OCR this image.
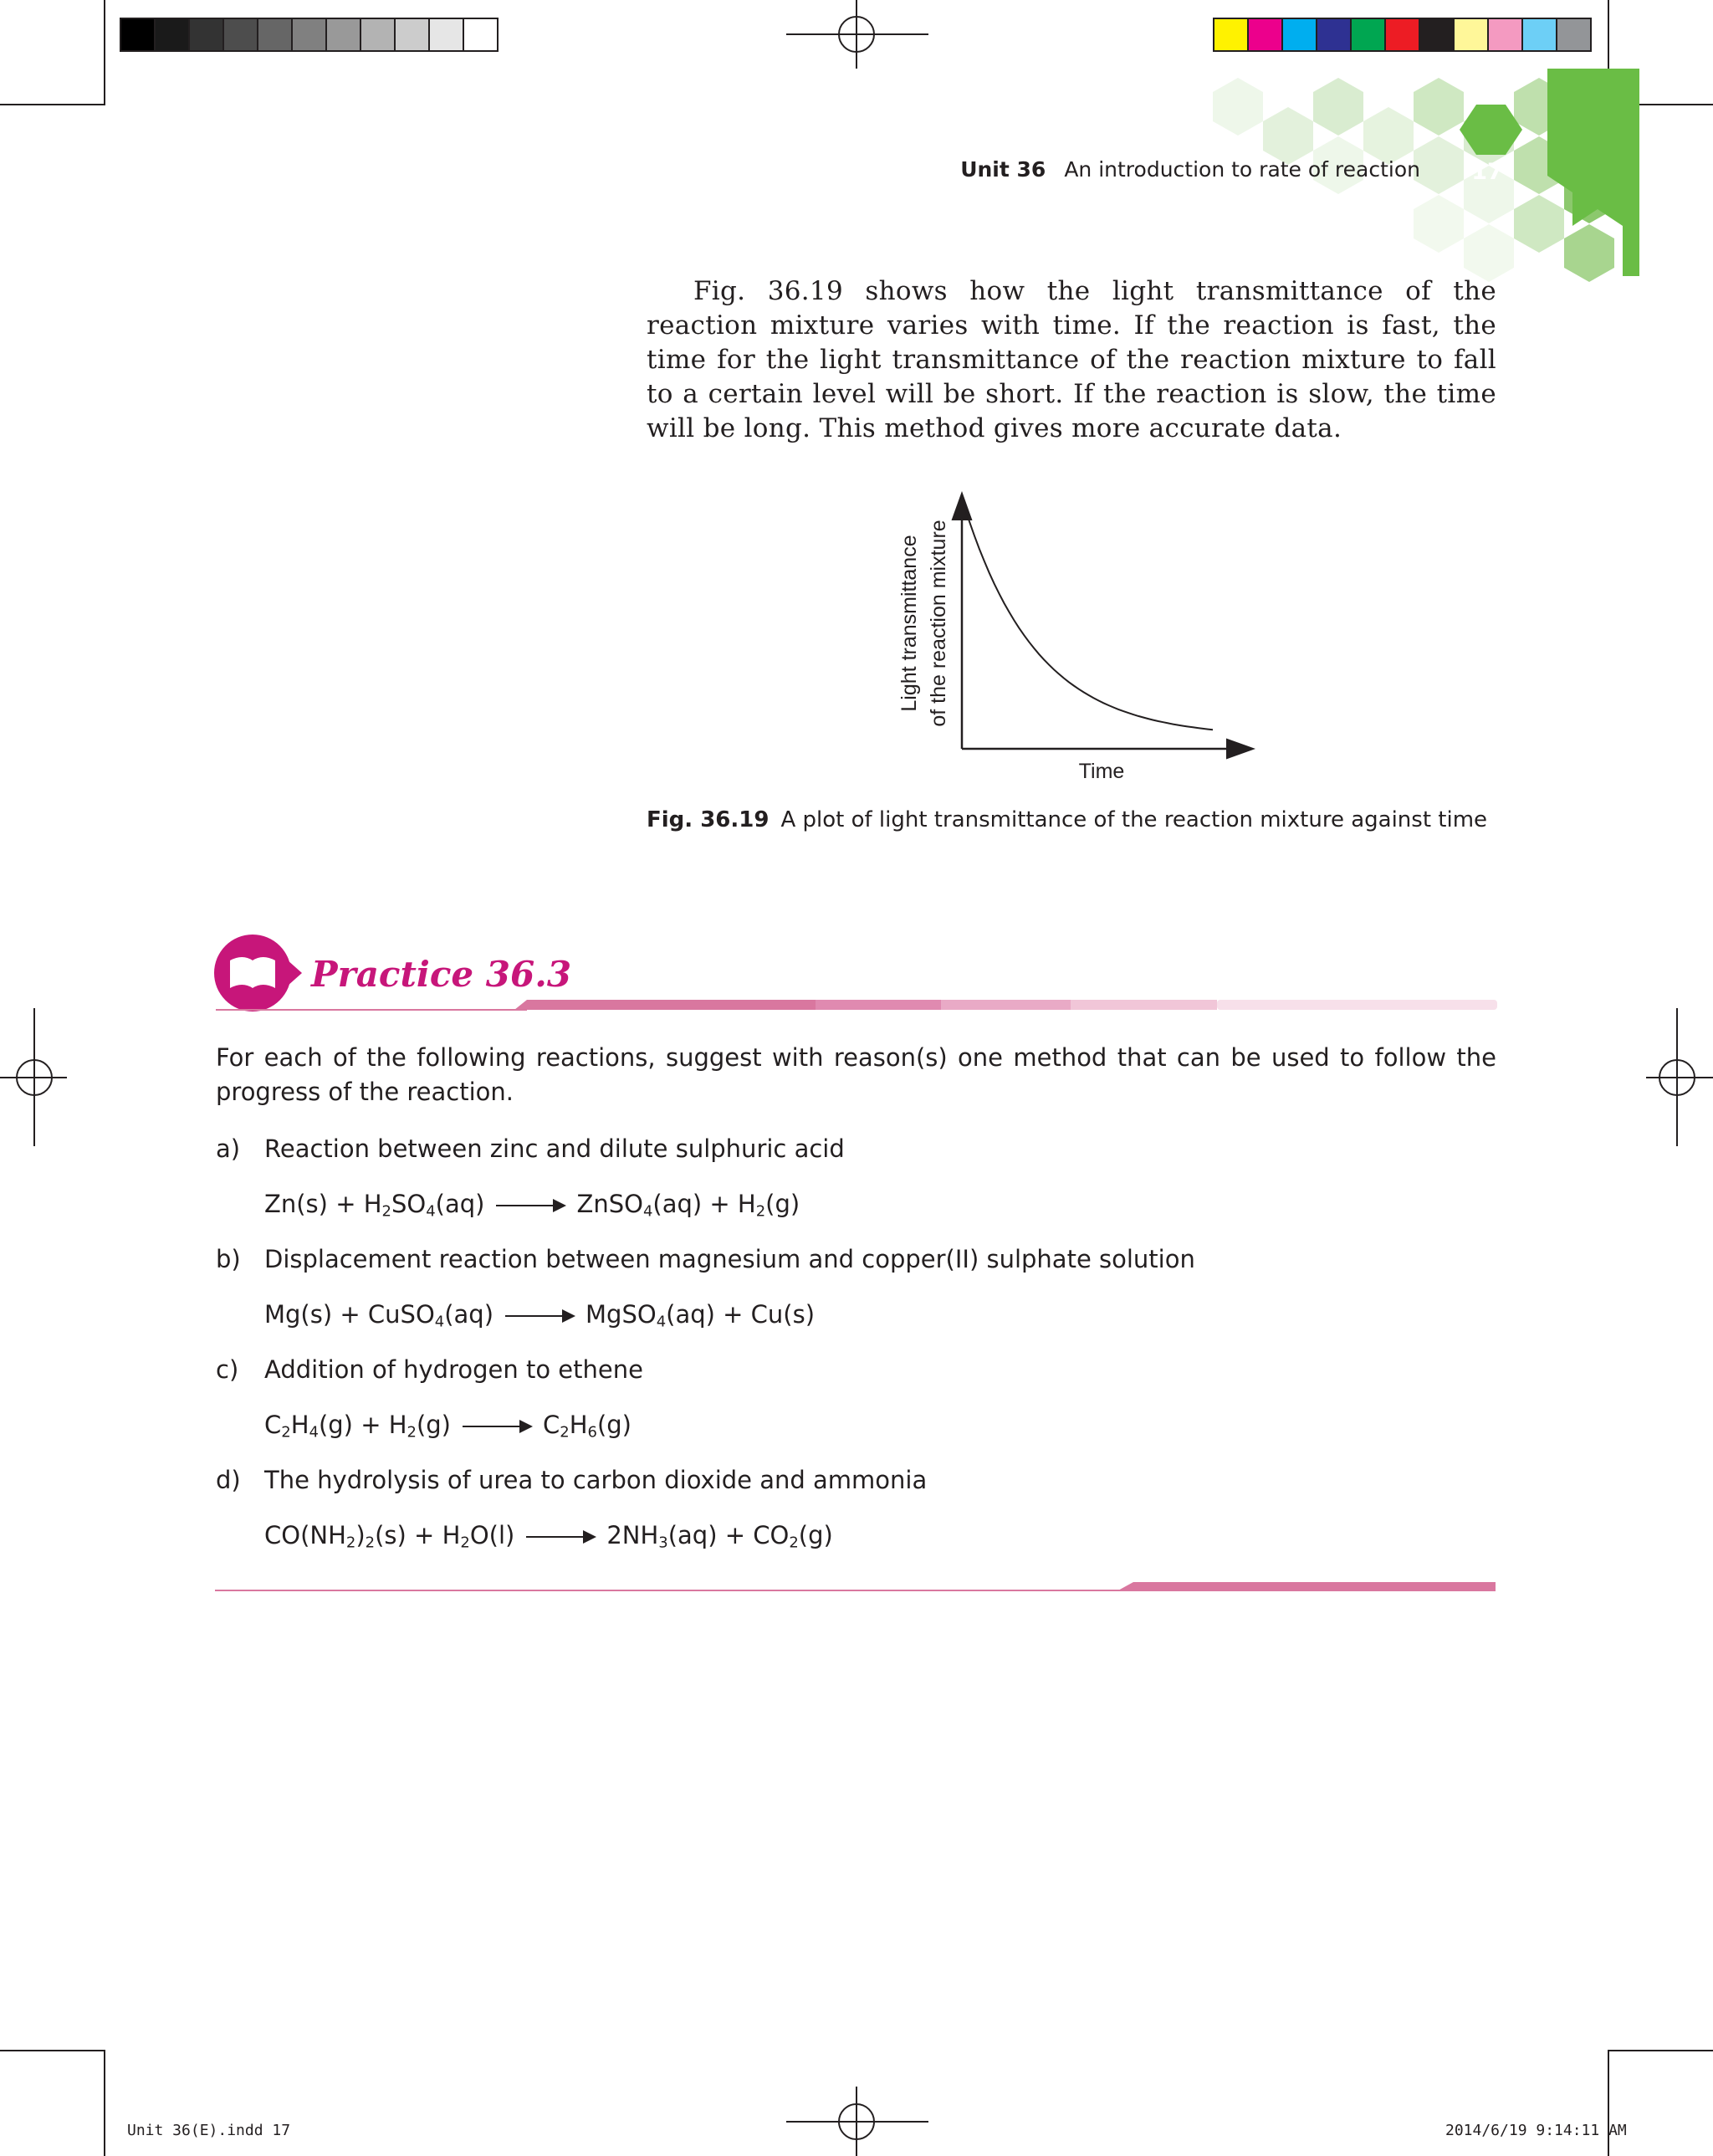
Unit 36 An introduction to rate of reaction 17
Fig. 36.19 shows how the light transmittance of the reaction mixture varies with time. If the reaction is fast, the time for the light transmittance of the reaction mixture to fall to a certain level will be short. If the reaction is slow, the time will be long. This method gives more accurate data.
Light transmittance of the reaction mixture
Time
Fig. 36.19 A plot of light transmittance of the reaction mixture against time
Practice 36.3
For each of the following reactions, suggest with reason(s) one method that can be used to follow the progress of the reaction.
a) Reaction between zinc and dilute sulphuric acid
$Zn(s) + H_2SO_4(aq)$ → ZnSO$_4$(aq) + $H_2(g)$
b) Displacement reaction between magnesium and copper(II) sulphate solution
Mg(s) + CuSO$_4$(aq) → MgSO$_4$(aq) + Cu(s)
c) Addition of hydrogen to ethene
$C_2H_4(g) + H_2(g) \to C_2H_6(g)$
d) The hydrolysis of urea to carbon dioxide and ammonia
$CO(NH_2)_2(s) + H_2O(l) \to 2NH_3(aq) + CO_2(g)$
Unit 36(E).indd 17	2014/6/19 9:14:11 AM
